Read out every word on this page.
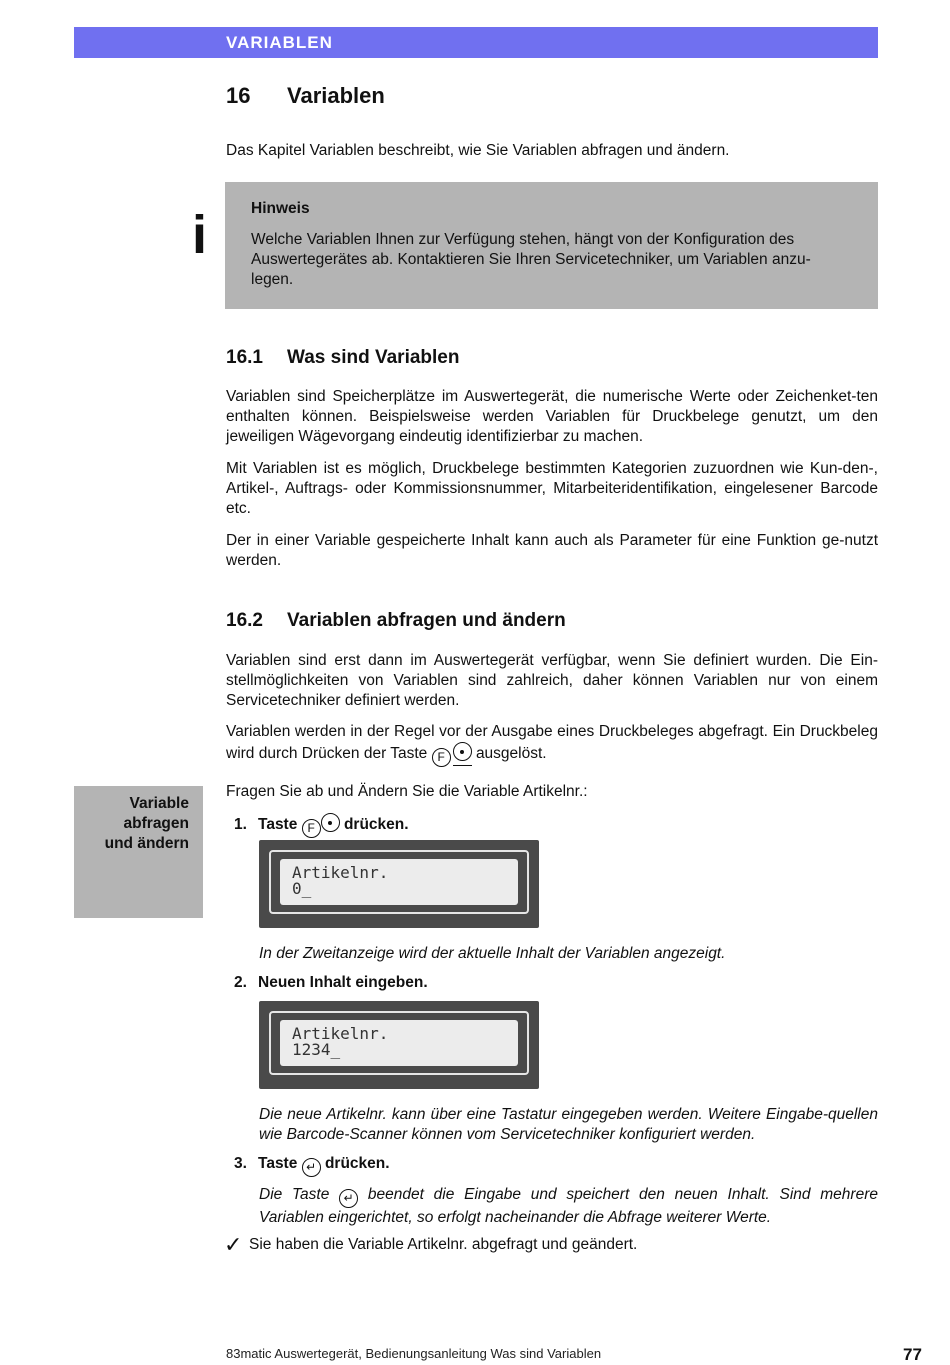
VARIABLEN
16 Variablen

Das Kapitel Variablen beschreibt, wie Sie Variablen abfragen und ändern.

i	Hinweis

Welche Variablen Ihnen zur Verfügung stehen, hängt von der Konfiguration des
Auswertegerätes ab. Kontaktieren Sie Ihren Servicetechniker, um Variablen anzu-
legen.

16.1 Was sind Variablen

Variablen sind Speicherplätze im Auswertegerät, die numerische Werte oder Zeichenket-ten enthalten können. Beispielsweise werden Variablen für Druckbelege genutzt, um den jeweiligen Wägevorgang eindeutig identifizierbar zu machen.

Mit Variablen ist es möglich, Druckbelege bestimmten Kategorien zuzuordnen wie Kun-den-, Artikel-, Auftrags- oder Kommissionsnummer, Mitarbeiteridentifikation, eingelesener Barcode etc.

Der in einer Variable gespeicherte Inhalt kann auch als Parameter für eine Funktion ge-nutzt werden.

16.2 Variablen abfragen und ändern

Variablen sind erst dann im Auswertegerät verfügbar, wenn Sie definiert wurden. Die Ein-stellmöglichkeiten von Variablen sind zahlreich, daher können Variablen nur von einem Servicetechniker definiert werden.

Variablen werden in der Regel vor der Ausgabe eines Druckbeleges abgefragt. Ein Druckbeleg wird durch Drücken der Taste F ausgelöst.

Variable
abfragen
und ändern
Fragen Sie ab und Ändern Sie die Variable Artikelnr.:
1. Taste F drücken.
Artikelnr.
0_

In der Zweitanzeige wird der aktuelle Inhalt der Variablen angezeigt.

2. Neuen Inhalt eingeben.
Artikelnr.
1234_

Die neue Artikelnr. kann über eine Tastatur eingegeben werden. Weitere Eingabe-quellen wie Barcode-Scanner können vom Servicetechniker konfiguriert werden.

3. Taste ↵ drücken.

Die Taste ↵ beendet die Eingabe und speichert den neuen Inhalt. Sind mehrere Variablen eingerichtet, so erfolgt nacheinander die Abfrage weiterer Werte.

✓ Sie haben die Variable Artikelnr. abgefragt und geändert.
83matic Auswertegerät, Bedienungsanleitung Was sind Variablen	77
